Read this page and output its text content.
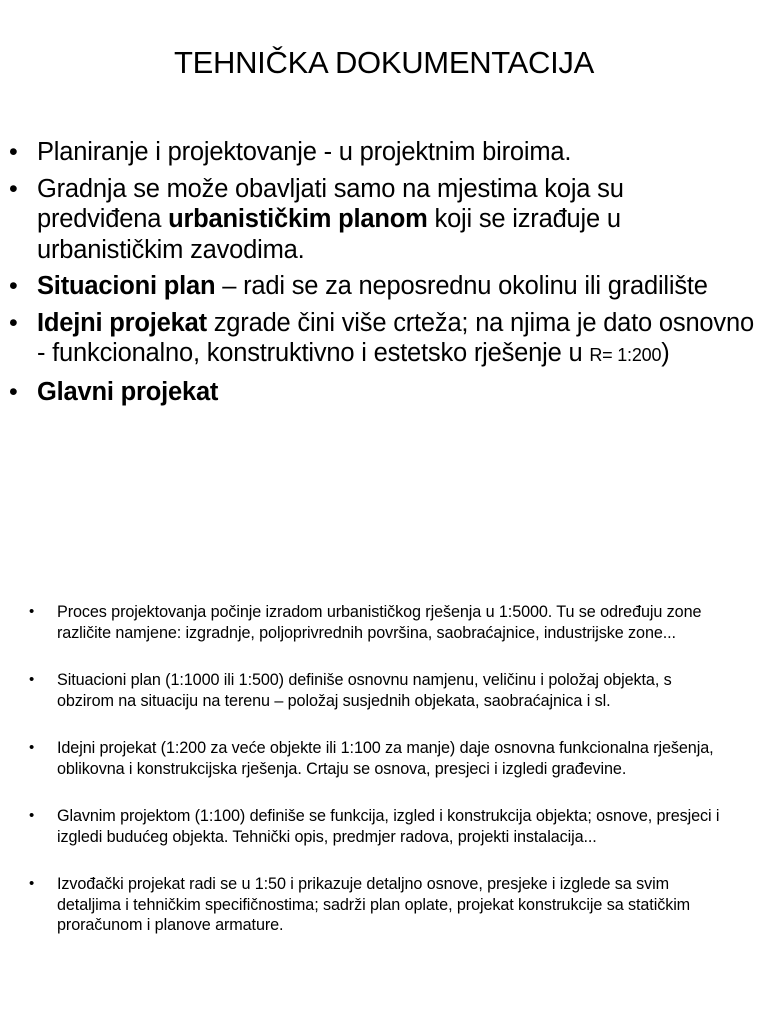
TEHNIČKA DOKUMENTACIJA
• Planiranje i projektovanje - u projektnim biroima.
• Gradnja se može obavljati samo na mjestima koja su predviđena urbanističkim planom koji se izrađuje u urbanističkim zavodima.
• Situacioni plan – radi se za neposrednu okolinu ili gradilište
• Idejni projekat zgrade čini više crteža; na njima je dato osnovno - funkcionalno, konstruktivno i estetsko rješenje u R= 1:200)
• Glavni projekat
• Proces projektovanja počinje izradom urbanističkog rješenja u 1:5000. Tu se određuju zone različite namjene: izgradnje, poljoprivrednih površina, saobraćajnice, industrijske zone...
• Situacioni plan (1:1000 ili 1:500) definiše osnovnu namjenu, veličinu i položaj objekta, s obzirom na situaciju na terenu – položaj susjednih objekata, saobraćajnica i sl.
• Idejni projekat (1:200 za veće objekte ili 1:100 za manje) daje osnovna funkcionalna rješenja, oblikovna i konstrukcijska rješenja. Crtaju se osnova, presjeci i izgledi građevine.
• Glavnim projektom (1:100) definiše se funkcija, izgled i konstrukcija objekta; osnove, presjeci i izgledi budućeg objekta. Tehnički opis, predmjer radova, projekti instalacija...
• Izvođački projekat radi se u 1:50 i prikazuje detaljno osnove, presjeke i izglede sa svim detaljima i tehničkim specifičnostima; sadrži plan oplate, projekat konstrukcije sa statičkim proračunom i planove armature.
